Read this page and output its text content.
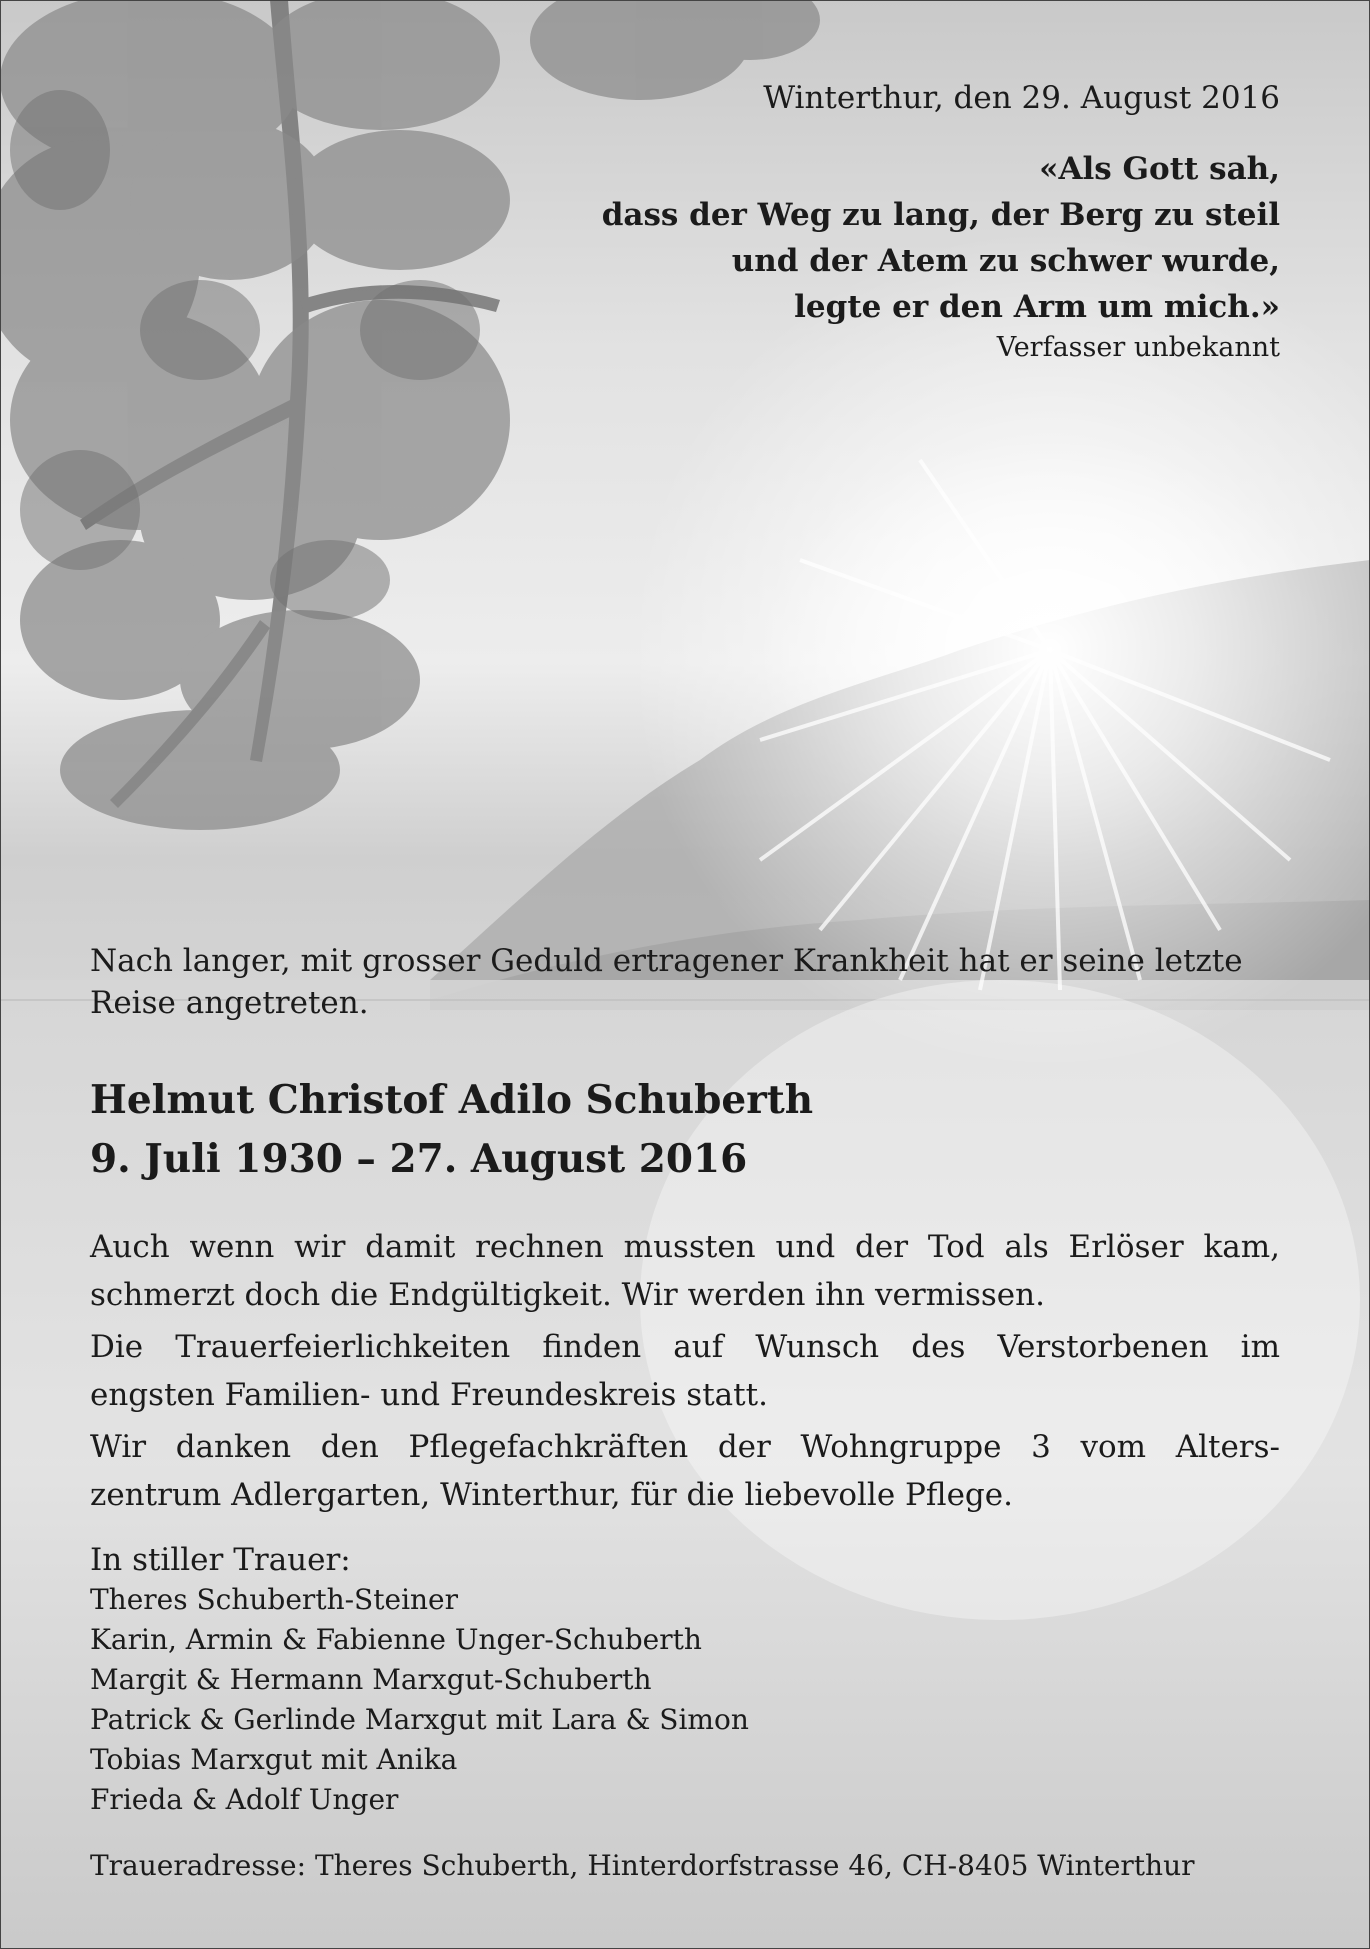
Winterthur, den 29. August 2016

«Als Gott sah,
dass der Weg zu lang, der Berg zu steil
und der Atem zu schwer wurde,
legte er den Arm um mich.»

Verfasser unbekannt

Nach langer, mit grosser Geduld ertragener Krankheit hat er seine letzte
Reise angetreten.

Helmut Christof Adilo Schuberth

9. Juli 1930 – 27. August 2016

Auch wenn wir damit rechnen mussten und der Tod als Erlöser kam,
schmerzt doch die Endgültigkeit. Wir werden ihn vermissen.
Die Trauerfeierlichkeiten finden auf Wunsch des Verstorbenen im
engsten Familien- und Freundeskreis statt.
Wir danken den Pflegefachkräften der Wohngruppe 3 vom Alters-
zentrum Adlergarten, Winterthur, für die liebevolle Pflege.

In stiller Trauer:

Theres Schuberth-Steiner
Karin, Armin & Fabienne Unger-Schuberth
Margit & Hermann Marxgut-Schuberth
Patrick & Gerlinde Marxgut mit Lara & Simon
Tobias Marxgut mit Anika
Frieda & Adolf Unger

Traueradresse: Theres Schuberth, Hinterdorfstrasse 46, CH-8405 Winterthur
